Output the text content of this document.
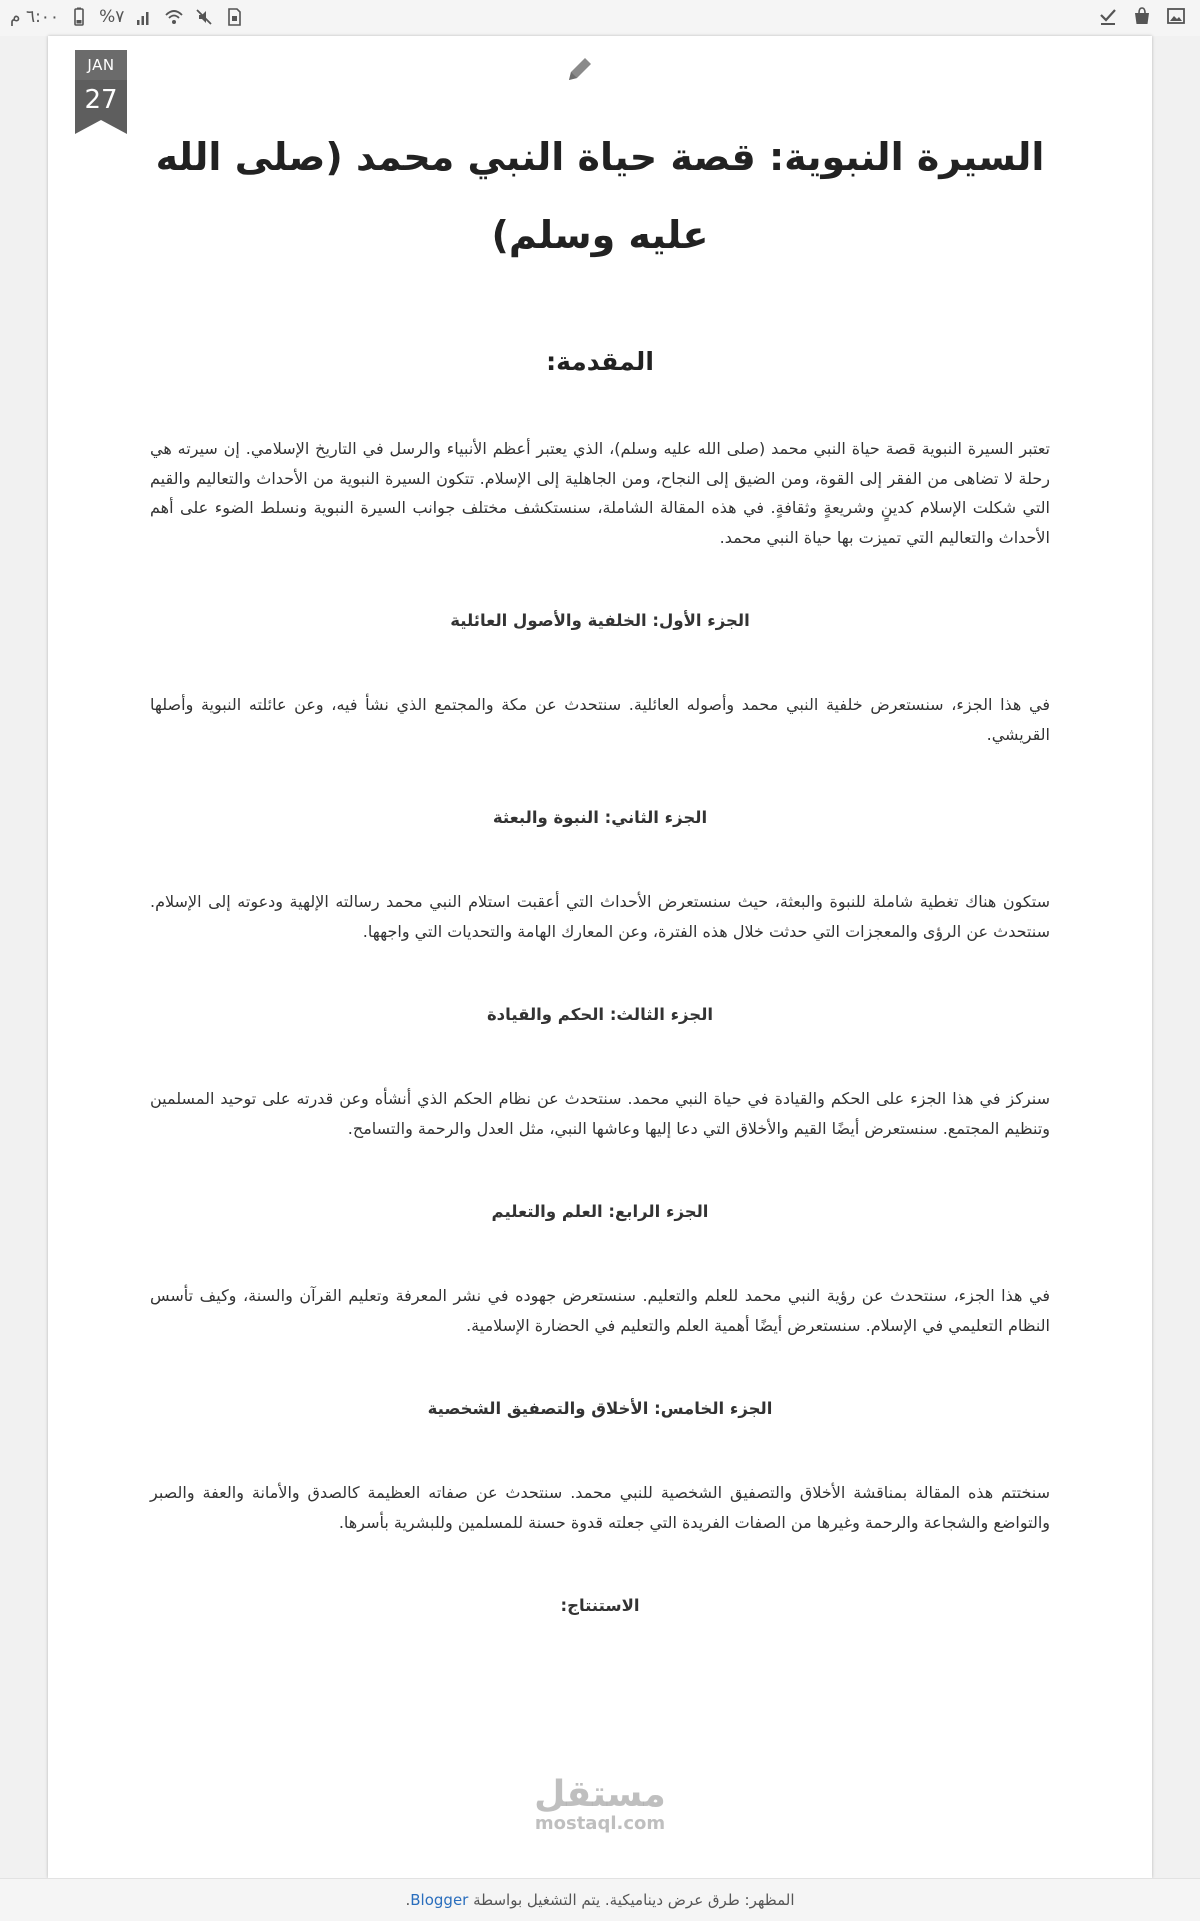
٦:٠٠ م %٧
JAN
27
السيرة النبوية: قصة حياة النبي محمد (صلى الله عليه وسلم)
المقدمة:

تعتبر السيرة النبوية قصة حياة النبي محمد (صلى الله عليه وسلم)، الذي يعتبر أعظم الأنبياء والرسل في التاريخ الإسلامي. إن سيرته هي رحلة لا تضاهى من الفقر إلى القوة، ومن الضيق إلى النجاح، ومن الجاهلية إلى الإسلام. تتكون السيرة النبوية من الأحداث والتعاليم والقيم التي شكلت الإسلام كدينٍ وشريعةٍ وثقافةٍ. في هذه المقالة الشاملة، سنستكشف مختلف جوانب السيرة النبوية ونسلط الضوء على أهم الأحداث والتعاليم التي تميزت بها حياة النبي محمد.

الجزء الأول: الخلفية والأصول العائلية

في هذا الجزء، سنستعرض خلفية النبي محمد وأصوله العائلية. سنتحدث عن مكة والمجتمع الذي نشأ فيه، وعن عائلته النبوية وأصلها القريشي.

الجزء الثاني: النبوة والبعثة

ستكون هناك تغطية شاملة للنبوة والبعثة، حيث سنستعرض الأحداث التي أعقبت استلام النبي محمد رسالته الإلهية ودعوته إلى الإسلام. سنتحدث عن الرؤى والمعجزات التي حدثت خلال هذه الفترة، وعن المعارك الهامة والتحديات التي واجهها.

الجزء الثالث: الحكم والقيادة

سنركز في هذا الجزء على الحكم والقيادة في حياة النبي محمد. سنتحدث عن نظام الحكم الذي أنشأه وعن قدرته على توحيد المسلمين وتنظيم المجتمع. سنستعرض أيضًا القيم والأخلاق التي دعا إليها وعاشها النبي، مثل العدل والرحمة والتسامح.

الجزء الرابع: العلم والتعليم

في هذا الجزء، سنتحدث عن رؤية النبي محمد للعلم والتعليم. سنستعرض جهوده في نشر المعرفة وتعليم القرآن والسنة، وكيف تأسس النظام التعليمي في الإسلام. سنستعرض أيضًا أهمية العلم والتعليم في الحضارة الإسلامية.

الجزء الخامس: الأخلاق والتصفيق الشخصية

سنختتم هذه المقالة بمناقشة الأخلاق والتصفيق الشخصية للنبي محمد. سنتحدث عن صفاته العظيمة كالصدق والأمانة والعفة والصبر والتواضع والشجاعة والرحمة وغيرها من الصفات الفريدة التي جعلته قدوة حسنة للمسلمين وللبشرية بأسرها.

الاستنتاج:

مستقل
mostaql.com
المظهر: طرق عرض ديناميكية. يتم التشغيل بواسطة Blogger.
